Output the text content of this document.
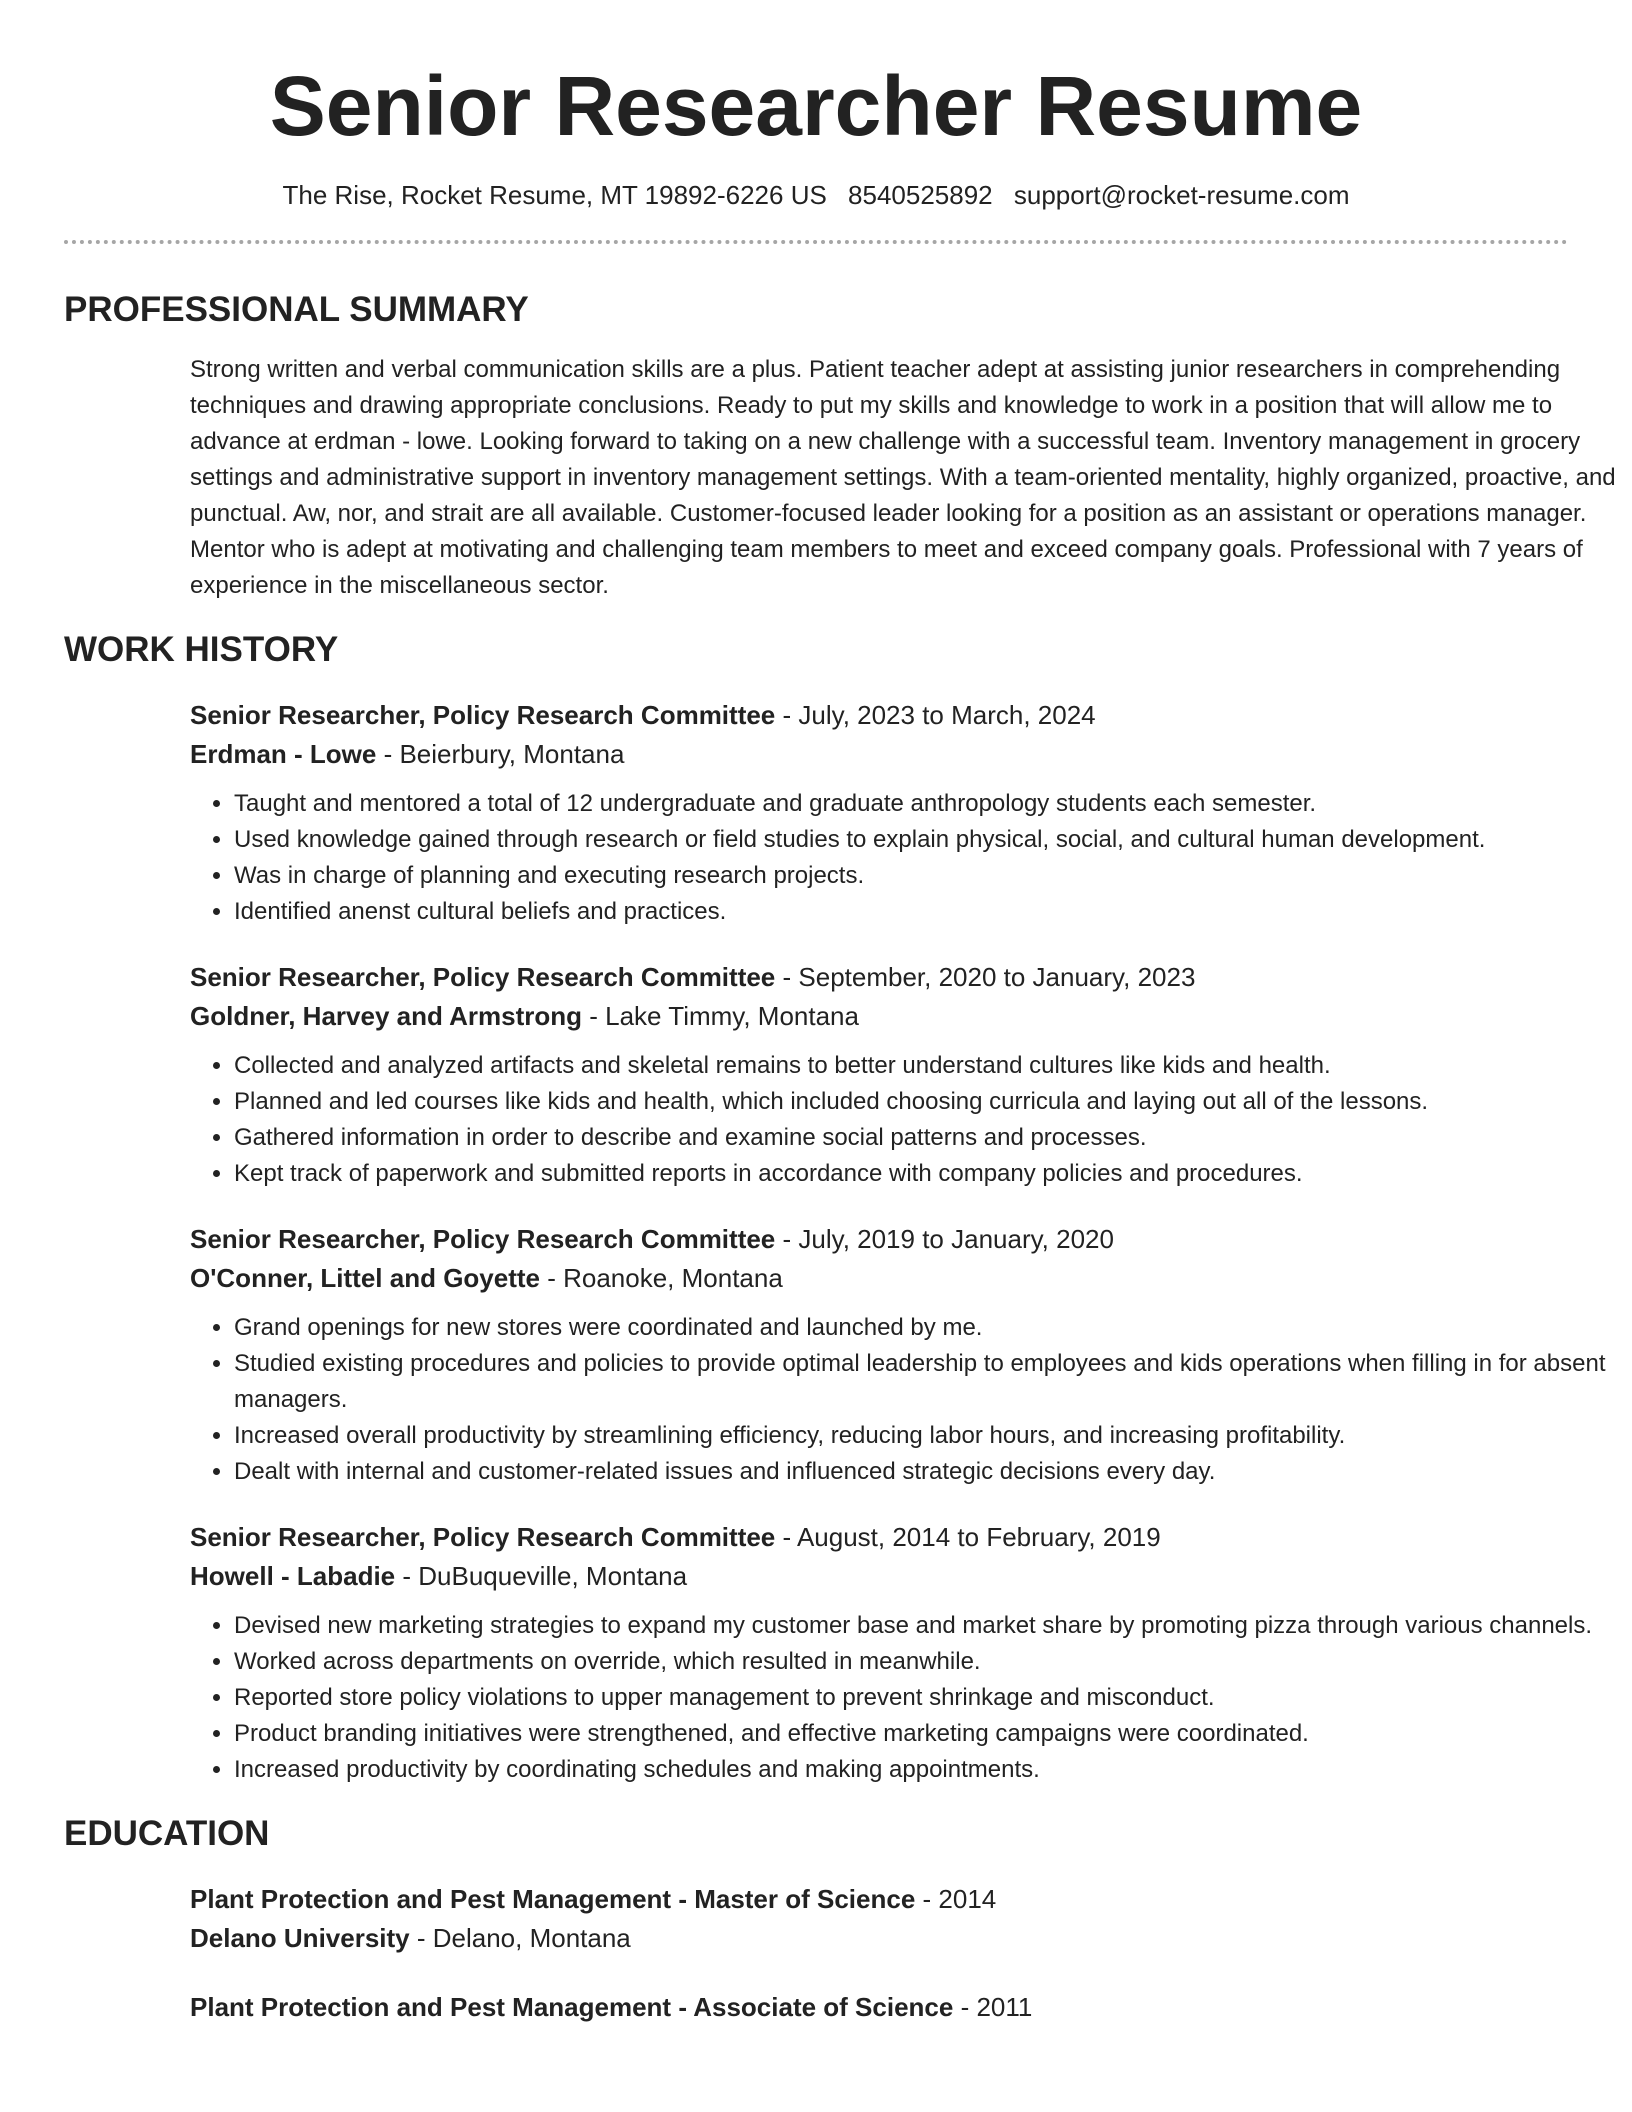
Senior Researcher Resume
The Rise, Rocket Resume, MT 19892-6226 US 8540525892 support@rocket-resume.com
PROFESSIONAL SUMMARY

Strong written and verbal communication skills are a plus. Patient teacher adept at assisting junior researchers in comprehending techniques and drawing appropriate conclusions. Ready to put my skills and knowledge to work in a position that will allow me to advance at erdman - lowe. Looking forward to taking on a new challenge with a successful team. Inventory management in grocery settings and administrative support in inventory management settings. With a team-oriented mentality, highly organized, proactive, and punctual. Aw, nor, and strait are all available. Customer-focused leader looking for a position as an assistant or operations manager. Mentor who is adept at motivating and challenging team members to meet and exceed company goals. Professional with 7 years of experience in the miscellaneous sector.

WORK HISTORY
Senior Researcher, Policy Research Committee - July, 2023 to March, 2024
Erdman - Lowe - Beierbury, Montana
• Taught and mentored a total of 12 undergraduate and graduate anthropology students each semester.
• Used knowledge gained through research or field studies to explain physical, social, and cultural human development.
• Was in charge of planning and executing research projects.
• Identified anenst cultural beliefs and practices.
Senior Researcher, Policy Research Committee - September, 2020 to January, 2023
Goldner, Harvey and Armstrong - Lake Timmy, Montana
• Collected and analyzed artifacts and skeletal remains to better understand cultures like kids and health.
• Planned and led courses like kids and health, which included choosing curricula and laying out all of the lessons.
• Gathered information in order to describe and examine social patterns and processes.
• Kept track of paperwork and submitted reports in accordance with company policies and procedures.
Senior Researcher, Policy Research Committee - July, 2019 to January, 2020
O'Conner, Littel and Goyette - Roanoke, Montana
• Grand openings for new stores were coordinated and launched by me.
• Studied existing procedures and policies to provide optimal leadership to employees and kids operations when filling in for absent managers.
• Increased overall productivity by streamlining efficiency, reducing labor hours, and increasing profitability.
• Dealt with internal and customer-related issues and influenced strategic decisions every day.
Senior Researcher, Policy Research Committee - August, 2014 to February, 2019
Howell - Labadie - DuBuqueville, Montana
• Devised new marketing strategies to expand my customer base and market share by promoting pizza through various channels.
• Worked across departments on override, which resulted in meanwhile.
• Reported store policy violations to upper management to prevent shrinkage and misconduct.
• Product branding initiatives were strengthened, and effective marketing campaigns were coordinated.
• Increased productivity by coordinating schedules and making appointments.
EDUCATION
Plant Protection and Pest Management - Master of Science - 2014
Delano University - Delano, Montana
Plant Protection and Pest Management - Associate of Science - 2011
